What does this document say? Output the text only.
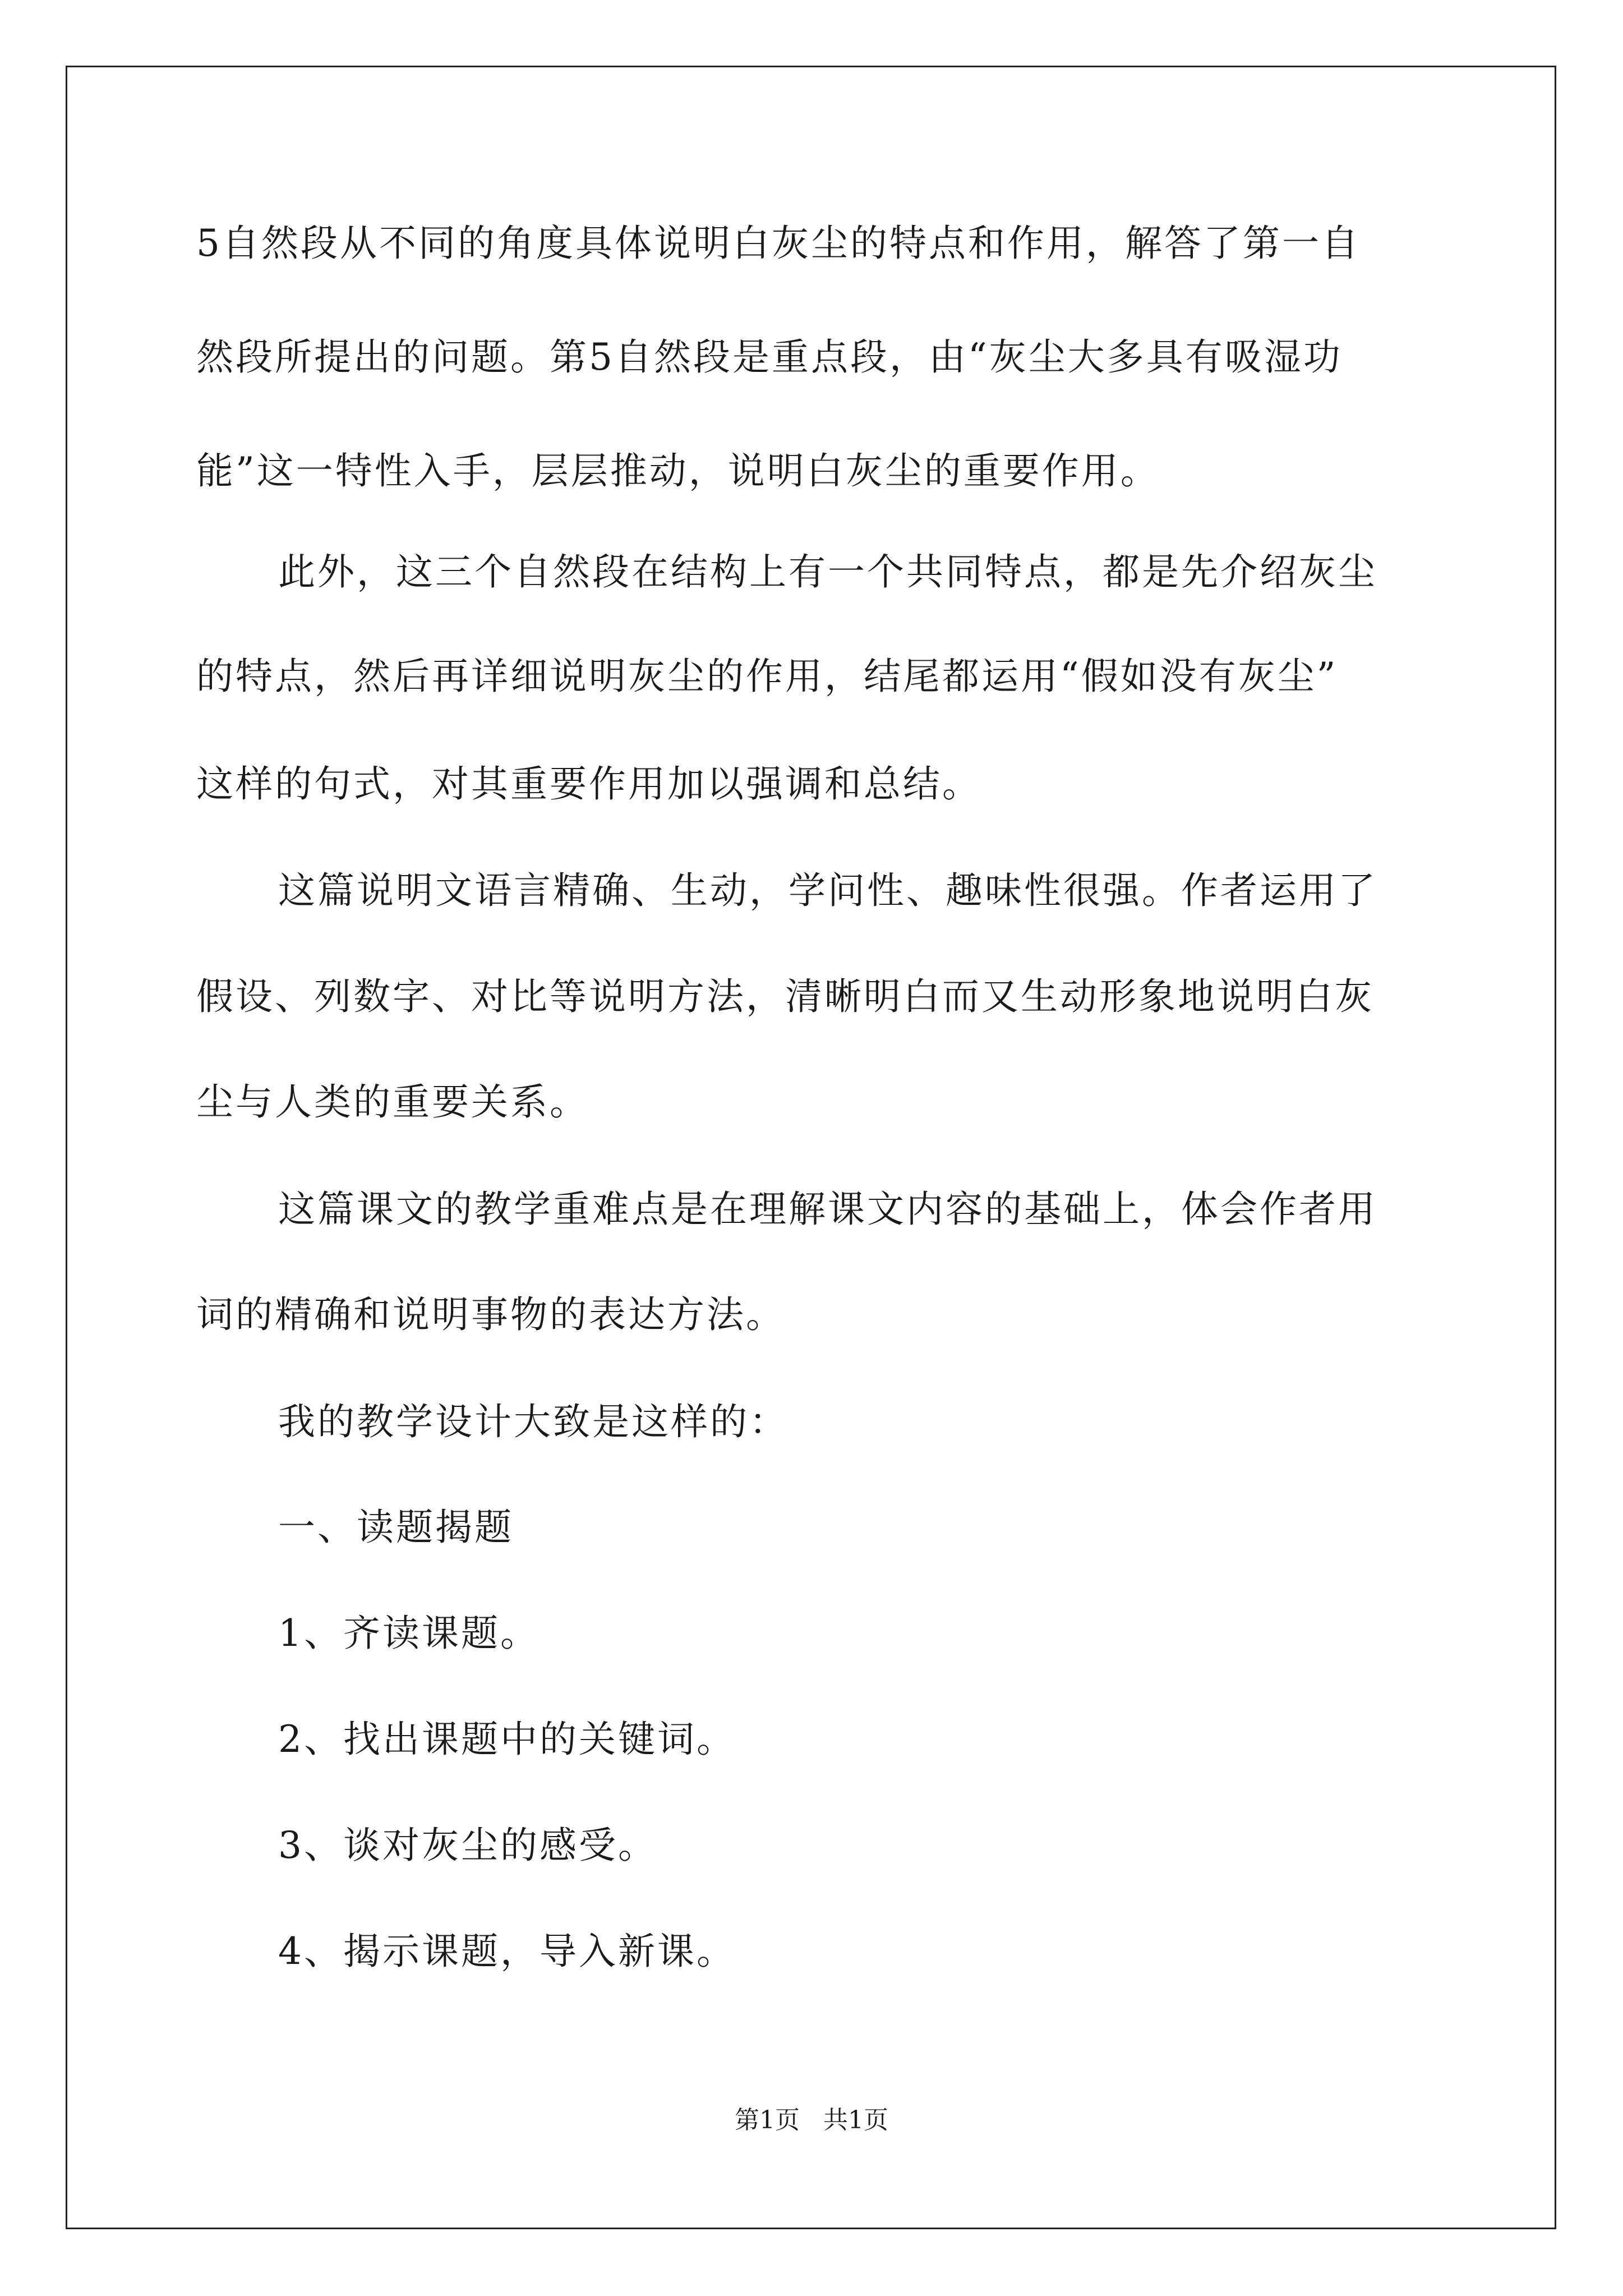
5自然段从不同的角度具体说明白灰尘的特点和作用，解答了第一自
然段所提出的问题。第5自然段是重点段，由“灰尘大多具有吸湿功
能”这一特性入手，层层推动，说明白灰尘的重要作用。
此外，这三个自然段在结构上有一个共同特点，都是先介绍灰尘
的特点，然后再详细说明灰尘的作用，结尾都运用“假如没有灰尘”
这样的句式，对其重要作用加以强调和总结。
这篇说明文语言精确、生动，学问性、趣味性很强。作者运用了
假设、列数字、对比等说明方法，清晰明白而又生动形象地说明白灰
尘与人类的重要关系。
这篇课文的教学重难点是在理解课文内容的基础上，体会作者用
词的精确和说明事物的表达方法。
我的教学设计大致是这样的：
一、读题揭题
1、齐读课题。
2、找出课题中的关键词。
3、谈对灰尘的感受。
4、揭示课题，导入新课。
第1页   共1页
